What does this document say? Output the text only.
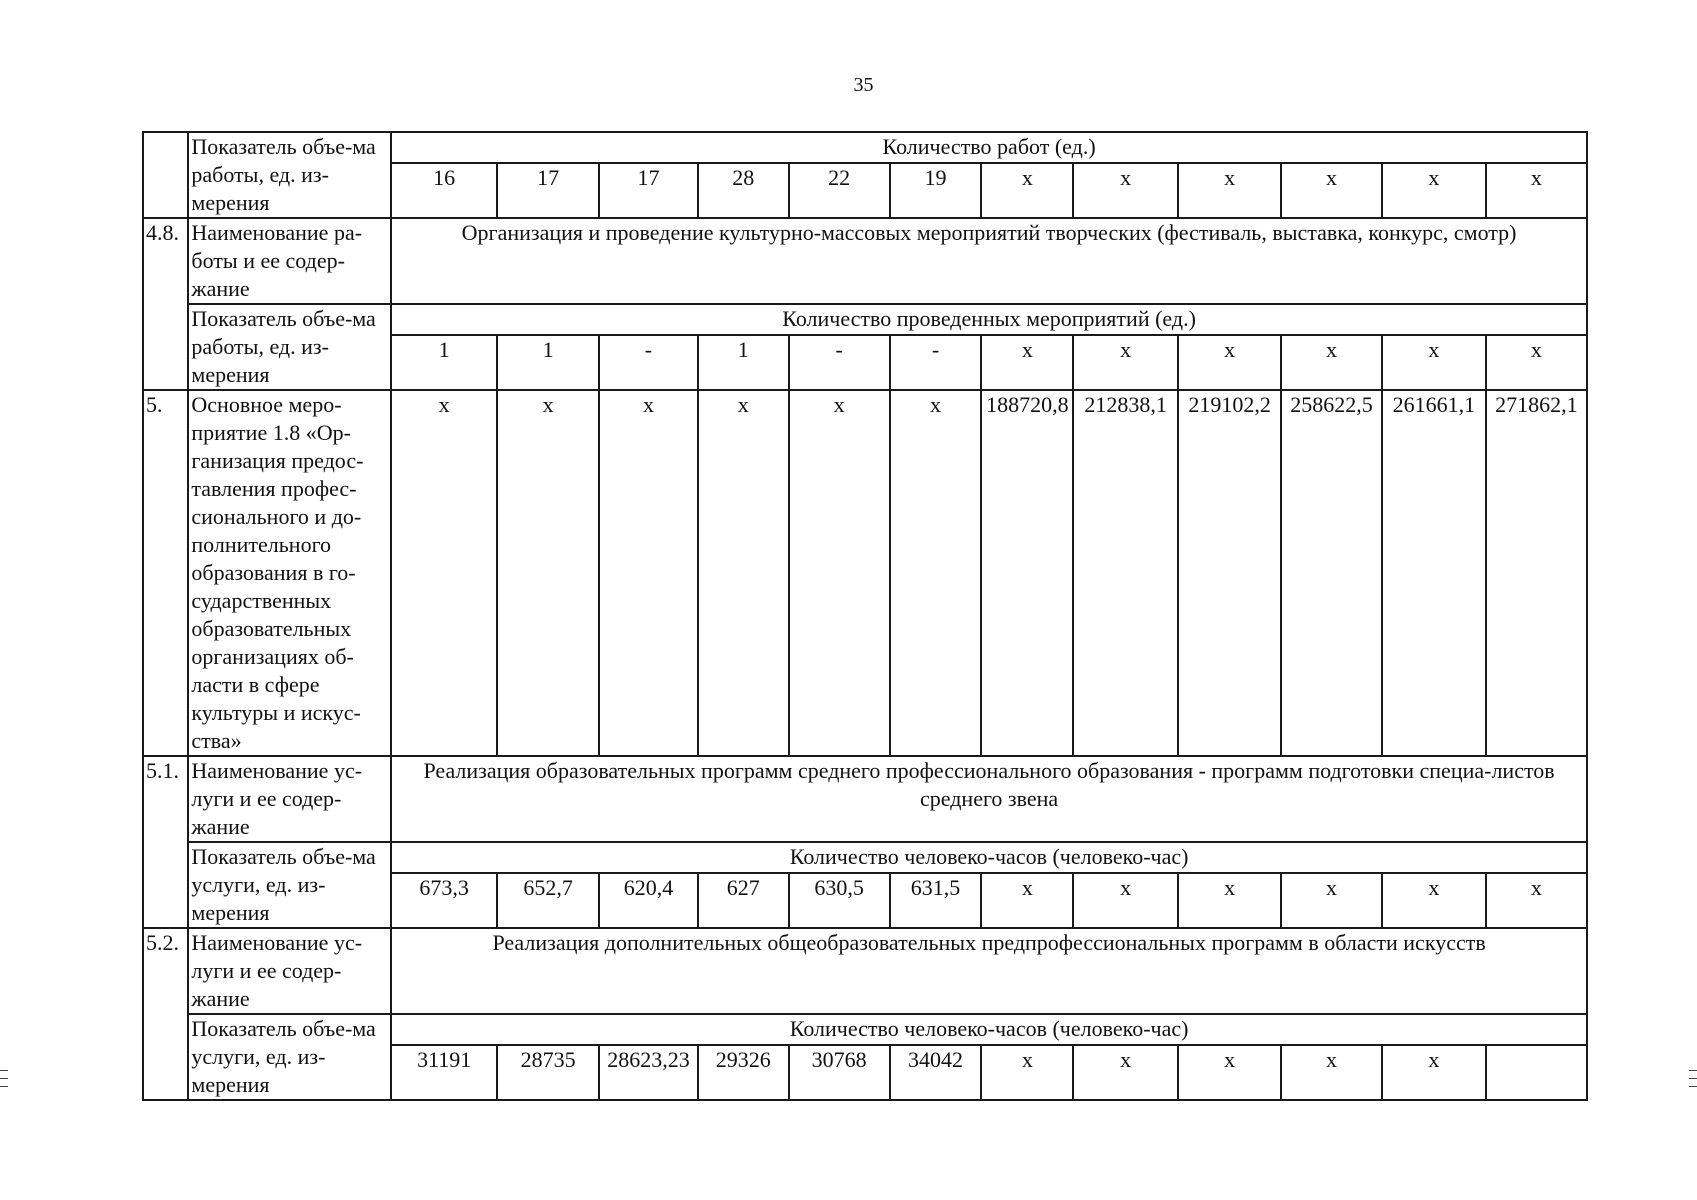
35
	Показатель объе-ма работы, ед. из-мерения	Количество работ (ед.)											
		16	17	17	28	22	19	x	x	x	x	x	x
4.8.	Наименование ра-боты и ее содер-жание	Организация и проведение культурно-массовых мероприятий творческих (фестиваль, выставка, конкурс, смотр)											
	Показатель объе-ма работы, ед. из-мерения	Количество проведенных мероприятий (ед.)											
		1	1	-	1	-	-	x	x	x	x	x	x
5.	Основное меро-приятие 1.8 «Ор-ганизация предос-тавления профес-сионального и до-полнительного образования в го-сударственных образовательных организациях об-ласти в сфере культуры и искус-ства»	x	x	x	x	x	x	188720,8	212838,1	219102,2	258622,5	261661,1	271862,1
5.1.	Наименование ус-луги и ее содер-жание	Реализация образовательных программ среднего профессионального образования - программ подготовки специа-листов среднего звена											
	Показатель объе-ма услуги, ед. из-мерения	Количество человеко-часов (человеко-час)											
		673,3	652,7	620,4	627	630,5	631,5	x	x	x	x	x	x
5.2.	Наименование ус-луги и ее содер-жание	Реализация дополнительных общеобразовательных предпрофессиональных программ в области искусств											
	Показатель объе-ма услуги, ед. из-мерения	Количество человеко-часов (человеко-час)											
		31191	28735	28623,23	29326	30768	34042	x	x	x	x	x	
